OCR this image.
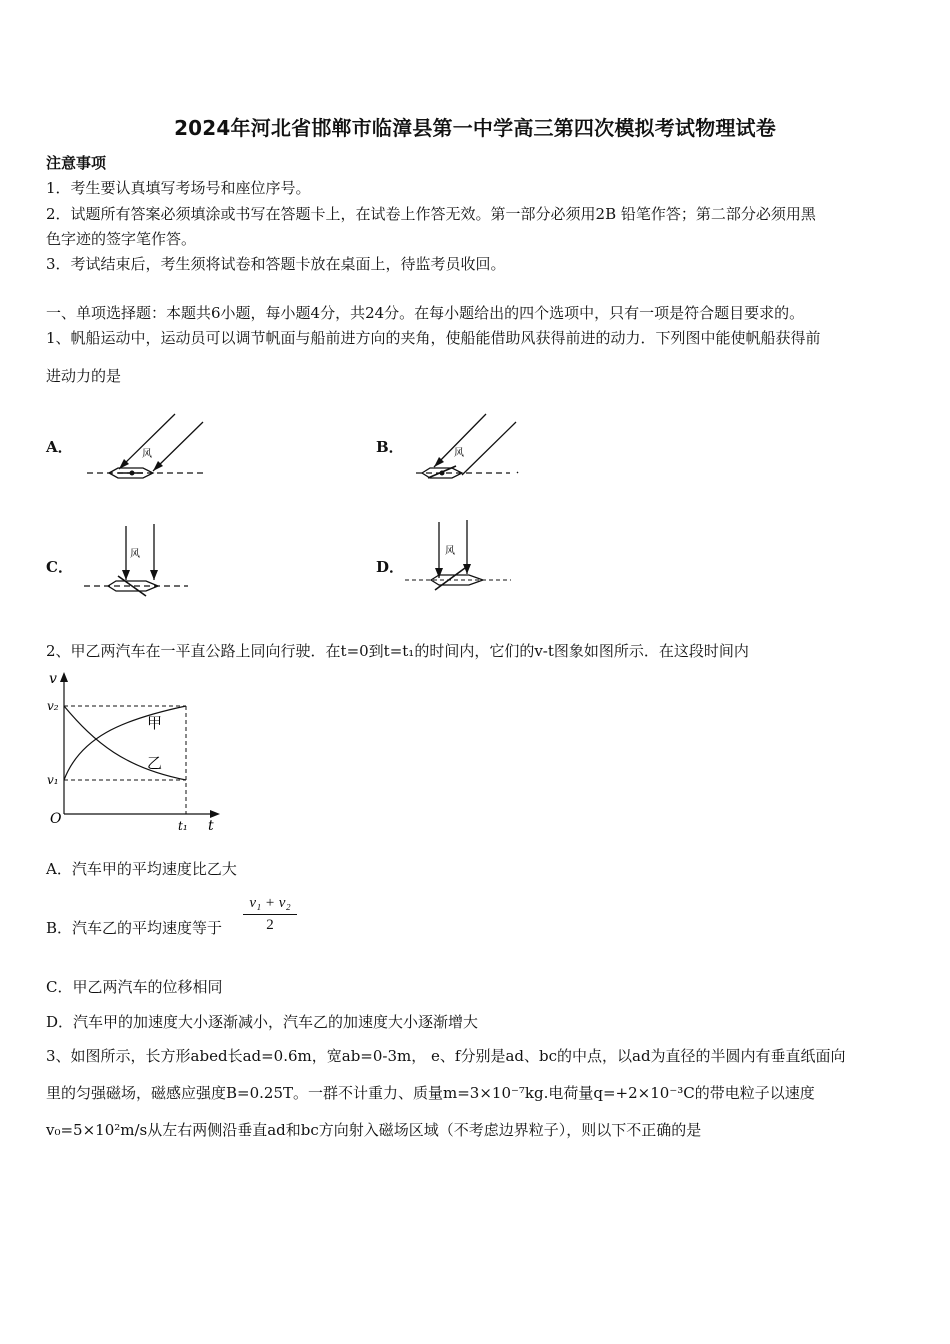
2024年河北省邯郸市临漳县第一中学高三第四次模拟考试物理试卷
注意事项
1．考生要认真填写考场号和座位序号。
2．试题所有答案必须填涂或书写在答题卡上，在试卷上作答无效。第一部分必须用2B 铅笔作答；第二部分必须用黑
色字迹的签字笔作答。
3．考试结束后，考生须将试卷和答题卡放在桌面上，待监考员收回。
一、单项选择题：本题共6小题，每小题4分，共24分。在每小题给出的四个选项中，只有一项是符合题目要求的。
1、帆船运动中，运动员可以调节帆面与船前进方向的夹角，使船能借助风获得前进的动力．下列图中能使帆船获得前
进动力的是
A．	B．
C．	D．
风	风
风	风
2、甲乙两汽车在一平直公路上同向行驶．在t=0到t=t₁的时间内，它们的v-t图象如图所示．在这段时间内
v
t
O
v₂
v₁
t₁
甲
乙
A．汽车甲的平均速度比乙大
B．汽车乙的平均速度等于 $\frac{\text{v₁ + v₂}}{2}$
C．甲乙两汽车的位移相同
D．汽车甲的加速度大小逐渐减小，汽车乙的加速度大小逐渐增大
3、如图所示，长方形abed长ad=0.6m，宽ab=0-3m， e、f分别是ad、bc的中点，以ad为直径的半圆内有垂直纸面向
里的匀强磁场，磁感应强度B=0.25T。一群不计重力、质量m=3×10⁻⁷kg.电荷量q=+2×10⁻³C的带电粒子以速度
v₀=5×10²m/s从左右两侧沿垂直ad和bc方向射入磁场区域（不考虑边界粒子），则以下不正确的是
